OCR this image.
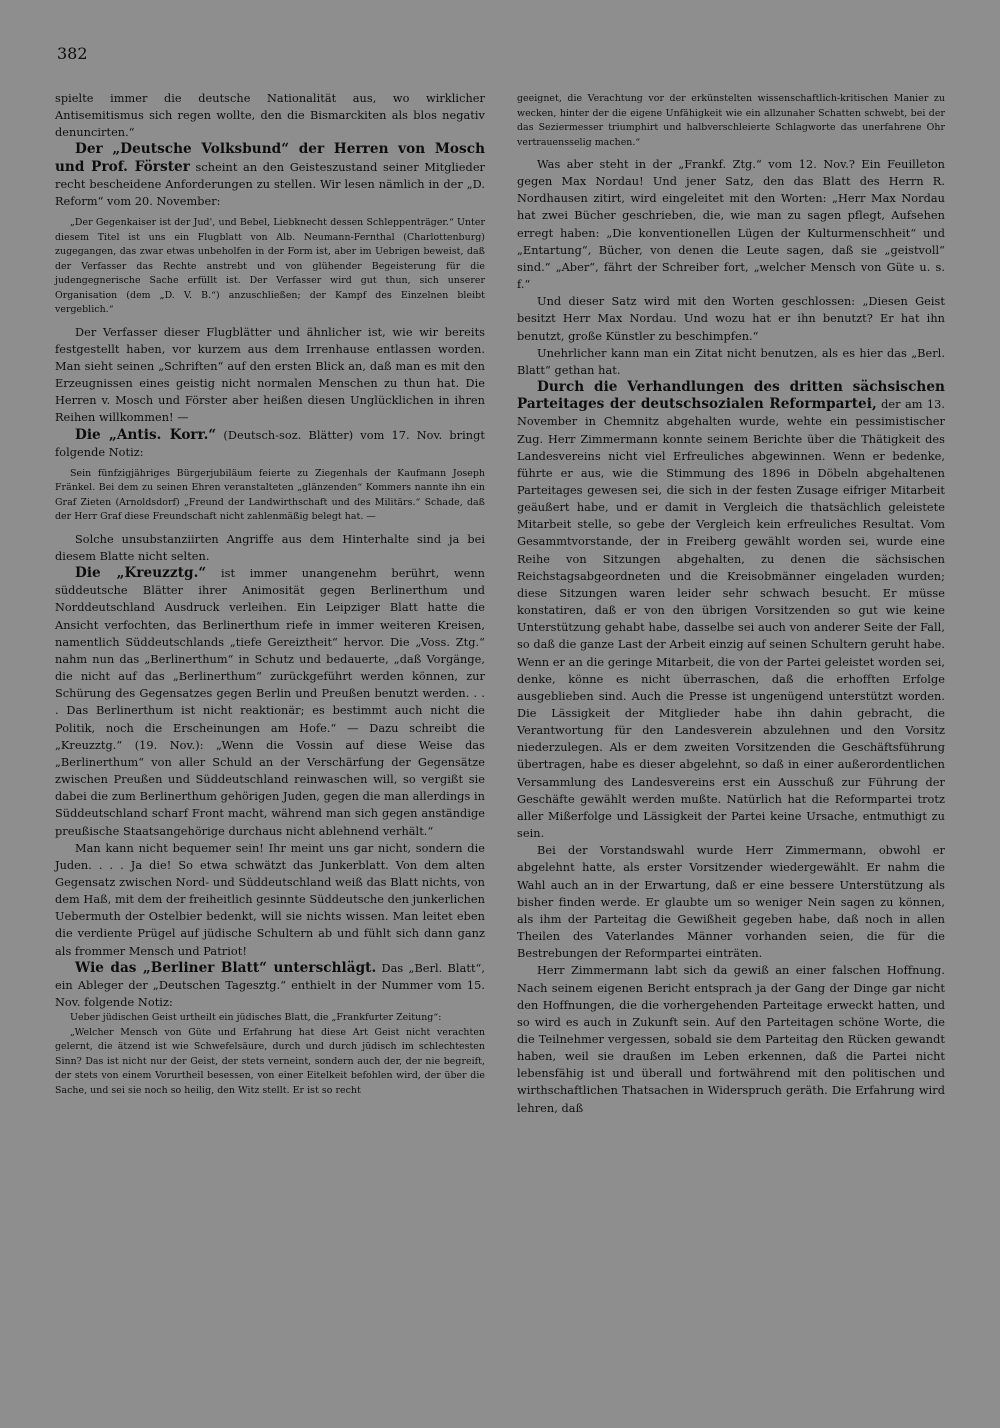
382

spielte immer die deutsche Nationalität aus, wo wirklicher Antisemitismus sich regen wollte, den die Bismarckiten als blos negativ denuncirten.“

Der „Deutsche Volksbund“ der Herren von Mosch und Prof. Förster scheint an den Geisteszustand seiner Mitglieder recht bescheidene Anforderungen zu stellen. Wir lesen nämlich in der „D. Reform“ vom 20. November:

„Der Gegenkaiser ist der Jud', und Bebel, Liebknecht dessen Schleppenträger.“ Unter diesem Titel ist uns ein Flugblatt von Alb. Neumann-Fernthal (Charlottenburg) zugegangen, das zwar etwas unbeholfen in der Form ist, aber im Uebrigen beweist, daß der Verfasser das Rechte anstrebt und von glühender Begeisterung für die judengegnerische Sache erfüllt ist. Der Verfasser wird gut thun, sich unserer Organisation (dem „D. V. B.“) anzuschließen; der Kampf des Einzelnen bleibt vergeblich.“

Der Verfasser dieser Flugblätter und ähnlicher ist, wie wir bereits festgestellt haben, vor kurzem aus dem Irrenhause entlassen worden. Man sieht seinen „Schriften“ auf den ersten Blick an, daß man es mit den Erzeugnissen eines geistig nicht normalen Menschen zu thun hat. Die Herren v. Mosch und Förster aber heißen diesen Unglücklichen in ihren Reihen willkommen! —

Die „Antis. Korr.“ (Deutsch-soz. Blätter) vom 17. Nov. bringt folgende Notiz:

Sein fünfzigjähriges Bürgerjubiläum feierte zu Ziegenhals der Kaufmann Joseph Fränkel. Bei dem zu seinen Ehren veranstalteten „glänzenden“ Kommers nannte ihn ein Graf Zieten (Arnoldsdorf) „Freund der Landwirthschaft und des Militärs.“ Schade, daß der Herr Graf diese Freundschaft nicht zahlenmäßig belegt hat. —

Solche unsubstanziirten Angriffe aus dem Hinterhalte sind ja bei diesem Blatte nicht selten.

Die „Kreuzztg.“ ist immer unangenehm berührt, wenn süddeutsche Blätter ihrer Animosität gegen Berlinerthum und Norddeutschland Ausdruck verleihen. Ein Leipziger Blatt hatte die Ansicht verfochten, das Berlinerthum riefe in immer weiteren Kreisen, namentlich Süddeutschlands „tiefe Gereiztheit“ hervor. Die „Voss. Ztg.“ nahm nun das „Berlinerthum“ in Schutz und bedauerte, „daß Vorgänge, die nicht auf das „Berlinerthum“ zurückgeführt werden können, zur Schürung des Gegensatzes gegen Berlin und Preußen benutzt werden. . . . Das Berlinerthum ist nicht reaktionär; es bestimmt auch nicht die Politik, noch die Erscheinungen am Hofe.“ — Dazu schreibt die „Kreuzztg.“ (19. Nov.): „Wenn die Vossin auf diese Weise das „Berlinerthum“ von aller Schuld an der Verschärfung der Gegensätze zwischen Preußen und Süddeutschland reinwaschen will, so vergißt sie dabei die zum Berlinerthum gehörigen Juden, gegen die man allerdings in Süddeutschland scharf Front macht, während man sich gegen anständige preußische Staatsangehörige durchaus nicht ablehnend verhält.“

Man kann nicht bequemer sein! Ihr meint uns gar nicht, sondern die Juden. . . . Ja die! So etwa schwätzt das Junkerblatt. Von dem alten Gegensatz zwischen Nord- und Süddeutschland weiß das Blatt nichts, von dem Haß, mit dem der freiheitlich gesinnte Süddeutsche den junkerlichen Uebermuth der Ostelbier bedenkt, will sie nichts wissen. Man leitet eben die verdiente Prügel auf jüdische Schultern ab und fühlt sich dann ganz als frommer Mensch und Patriot!

Wie das „Berliner Blatt“ unterschlägt. Das „Berl. Blatt“, ein Ableger der „Deutschen Tagesztg.“ enthielt in der Nummer vom 15. Nov. folgende Notiz:

Ueber jüdischen Geist urtheilt ein jüdisches Blatt, die „Frankfurter Zeitung“:

„Welcher Mensch von Güte und Erfahrung hat diese Art Geist nicht verachten gelernt, die ätzend ist wie Schwefelsäure, durch und durch jüdisch im schlechtesten Sinn? Das ist nicht nur der Geist, der stets verneint, sondern auch der, der nie begreift, der stets von einem Vorurtheil besessen, von einer Eitelkeit befohlen wird, der über die Sache, und sei sie noch so heilig, den Witz stellt. Er ist so recht

geeignet, die Verachtung vor der erkünstelten wissenschaftlich-kritischen Manier zu wecken, hinter der die eigene Unfähigkeit wie ein allzunaher Schatten schwebt, bei der das Seziermesser triumphirt und halbverschleierte Schlagworte das unerfahrene Ohr vertrauensselig machen.“

Was aber steht in der „Frankf. Ztg.“ vom 12. Nov.? Ein Feuilleton gegen Max Nordau! Und jener Satz, den das Blatt des Herrn R. Nordhausen zitirt, wird eingeleitet mit den Worten: „Herr Max Nordau hat zwei Bücher geschrieben, die, wie man zu sagen pflegt, Aufsehen erregt haben: „Die konventionellen Lügen der Kulturmenschheit“ und „Entartung“, Bücher, von denen die Leute sagen, daß sie „geistvoll“ sind.“ „Aber“, fährt der Schreiber fort, „welcher Mensch von Güte u. s. f.“

Und dieser Satz wird mit den Worten geschlossen: „Diesen Geist besitzt Herr Max Nordau. Und wozu hat er ihn benutzt? Er hat ihn benutzt, große Künstler zu beschimpfen.“

Unehrlicher kann man ein Zitat nicht benutzen, als es hier das „Berl. Blatt“ gethan hat.

Durch die Verhandlungen des dritten sächsischen Parteitages der deutschsozialen Reformpartei, der am 13. November in Chemnitz abgehalten wurde, wehte ein pessimistischer Zug. Herr Zimmermann konnte seinem Berichte über die Thätigkeit des Landesvereins nicht viel Erfreuliches abgewinnen. Wenn er bedenke, führte er aus, wie die Stimmung des 1896 in Döbeln abgehaltenen Parteitages gewesen sei, die sich in der festen Zusage eifriger Mitarbeit geäußert habe, und er damit in Vergleich die thatsächlich geleistete Mitarbeit stelle, so gebe der Vergleich kein erfreuliches Resultat. Vom Gesammtvorstande, der in Freiberg gewählt worden sei, wurde eine Reihe von Sitzungen abgehalten, zu denen die sächsischen Reichstagsabgeordneten und die Kreisobmänner eingeladen wurden; diese Sitzungen waren leider sehr schwach besucht. Er müsse konstatiren, daß er von den übrigen Vorsitzenden so gut wie keine Unterstützung gehabt habe, dasselbe sei auch von anderer Seite der Fall, so daß die ganze Last der Arbeit einzig auf seinen Schultern geruht habe. Wenn er an die geringe Mitarbeit, die von der Partei geleistet worden sei, denke, könne es nicht überraschen, daß die erhofften Erfolge ausgeblieben sind. Auch die Presse ist ungenügend unterstützt worden. Die Lässigkeit der Mitglieder habe ihn dahin gebracht, die Verantwortung für den Landesverein abzulehnen und den Vorsitz niederzulegen. Als er dem zweiten Vorsitzenden die Geschäftsführung übertragen, habe es dieser abgelehnt, so daß in einer außerordentlichen Versammlung des Landesvereins erst ein Ausschuß zur Führung der Geschäfte gewählt werden mußte. Natürlich hat die Reformpartei trotz aller Mißerfolge und Lässigkeit der Partei keine Ursache, entmuthigt zu sein.

Bei der Vorstandswahl wurde Herr Zimmermann, obwohl er abgelehnt hatte, als erster Vorsitzender wiedergewählt. Er nahm die Wahl auch an in der Erwartung, daß er eine bessere Unterstützung als bisher finden werde. Er glaubte um so weniger Nein sagen zu können, als ihm der Parteitag die Gewißheit gegeben habe, daß noch in allen Theilen des Vaterlandes Männer vorhanden seien, die für die Bestrebungen der Reformpartei einträten.

Herr Zimmermann labt sich da gewiß an einer falschen Hoffnung. Nach seinem eigenen Bericht entsprach ja der Gang der Dinge gar nicht den Hoffnungen, die die vorhergehenden Parteitage erweckt hatten, und so wird es auch in Zukunft sein. Auf den Parteitagen schöne Worte, die die Teilnehmer vergessen, sobald sie dem Parteitag den Rücken gewandt haben, weil sie draußen im Leben erkennen, daß die Partei nicht lebensfähig ist und überall und fortwährend mit den politischen und wirthschaftlichen Thatsachen in Widerspruch geräth. Die Erfahrung wird lehren, daß
